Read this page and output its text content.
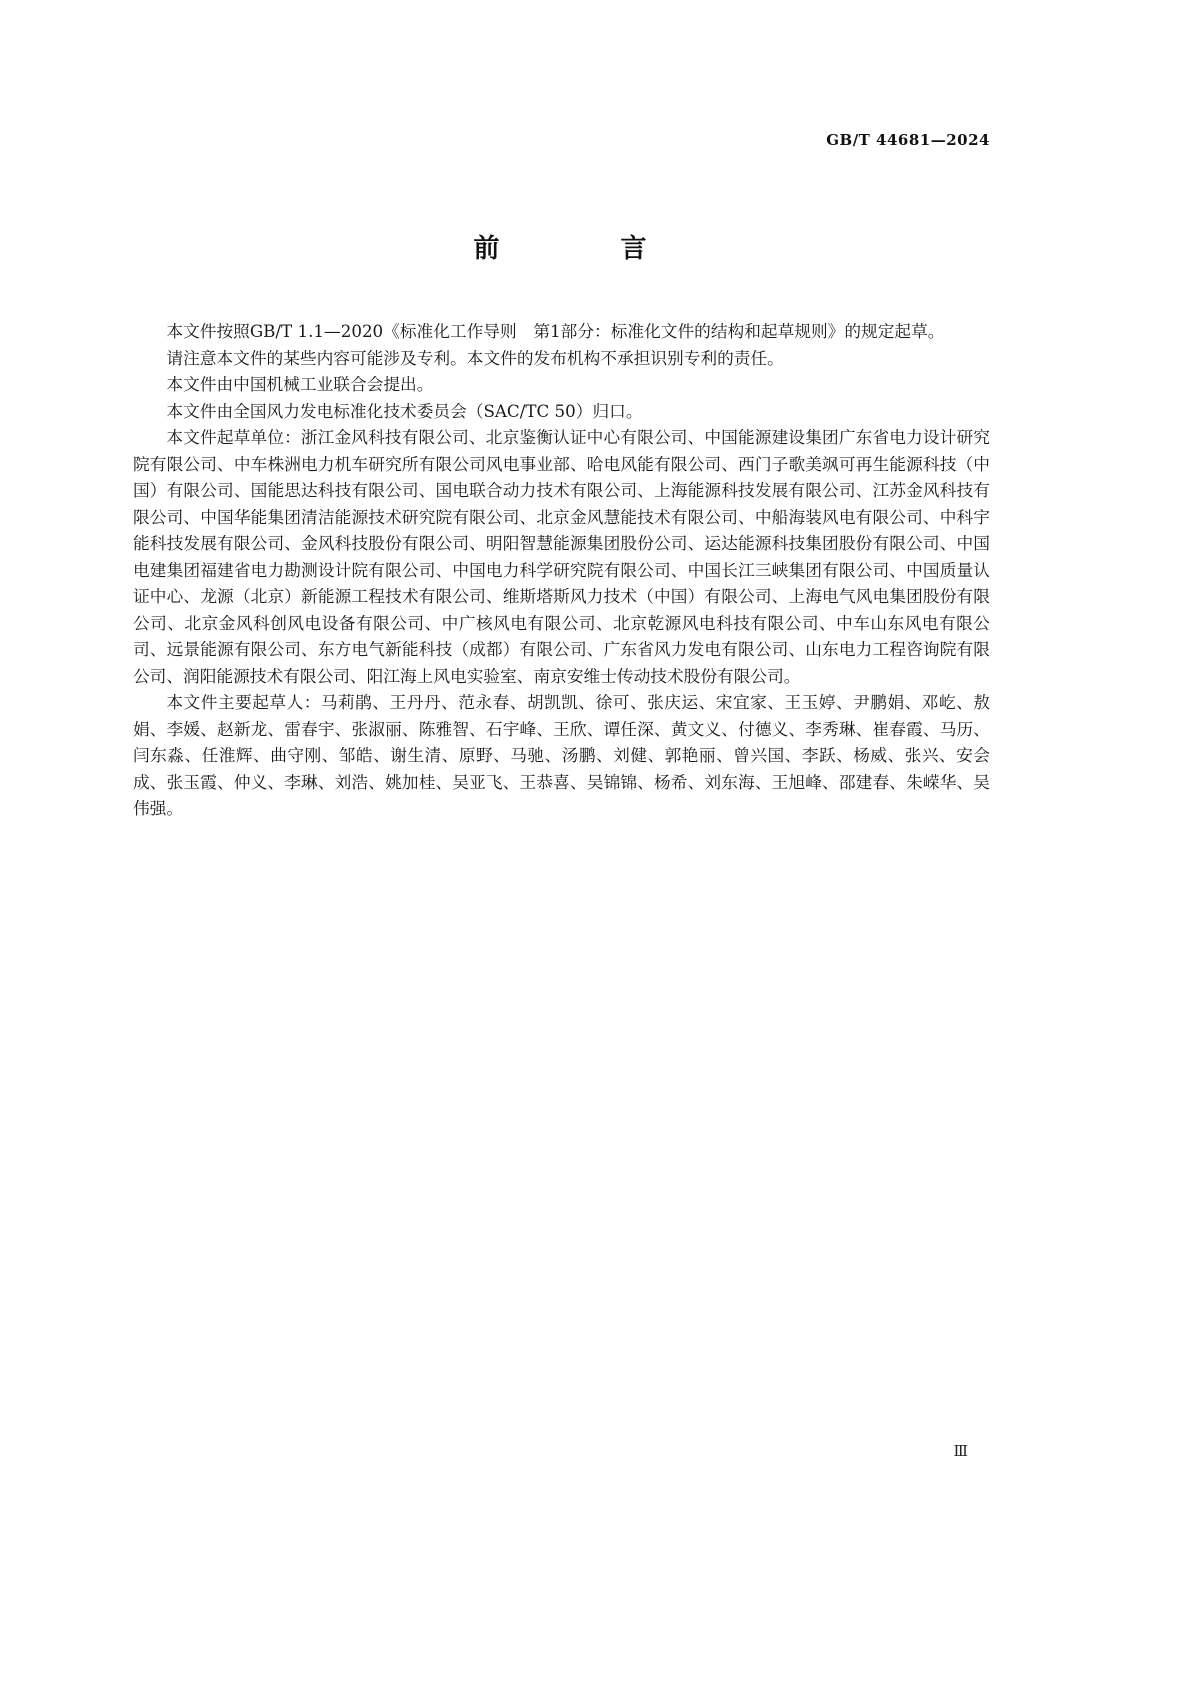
GB/T 44681—2024
前 言

本文件按照GB/T 1.1—2020《标准化工作导则　第1部分：标准化文件的结构和起草规则》的规定起草。

请注意本文件的某些内容可能涉及专利。本文件的发布机构不承担识别专利的责任。

本文件由中国机械工业联合会提出。

本文件由全国风力发电标准化技术委员会（SAC/TC 50）归口。

本文件起草单位：浙江金风科技有限公司、北京鉴衡认证中心有限公司、中国能源建设集团广东省电力设计研究院有限公司、中车株洲电力机车研究所有限公司风电事业部、哈电风能有限公司、西门子歌美飒可再生能源科技（中国）有限公司、国能思达科技有限公司、国电联合动力技术有限公司、上海能源科技发展有限公司、江苏金风科技有限公司、中国华能集团清洁能源技术研究院有限公司、北京金风慧能技术有限公司、中船海装风电有限公司、中科宇能科技发展有限公司、金风科技股份有限公司、明阳智慧能源集团股份公司、运达能源科技集团股份有限公司、中国电建集团福建省电力勘测设计院有限公司、中国电力科学研究院有限公司、中国长江三峡集团有限公司、中国质量认证中心、龙源（北京）新能源工程技术有限公司、维斯塔斯风力技术（中国）有限公司、上海电气风电集团股份有限公司、北京金风科创风电设备有限公司、中广核风电有限公司、北京乾源风电科技有限公司、中车山东风电有限公司、远景能源有限公司、东方电气新能科技（成都）有限公司、广东省风力发电有限公司、山东电力工程咨询院有限公司、润阳能源技术有限公司、阳江海上风电实验室、南京安维士传动技术股份有限公司。

本文件主要起草人：马莉鹃、王丹丹、范永春、胡凯凯、徐可、张庆运、宋宜家、王玉婷、尹鹏娟、邓屹、敖娟、李媛、赵新龙、雷春宇、张淑丽、陈雅智、石宇峰、王欣、谭任深、黄文义、付德义、李秀琳、崔春霞、马历、闫东淼、任淮辉、曲守刚、邹皓、谢生清、原野、马驰、汤鹏、刘健、郭艳丽、曾兴国、李跃、杨威、张兴、安会成、张玉霞、仲义、李琳、刘浩、姚加桂、吴亚飞、王恭喜、吴锦锦、杨希、刘东海、王旭峰、邵建春、朱嵘华、吴伟强。

Ⅲ
